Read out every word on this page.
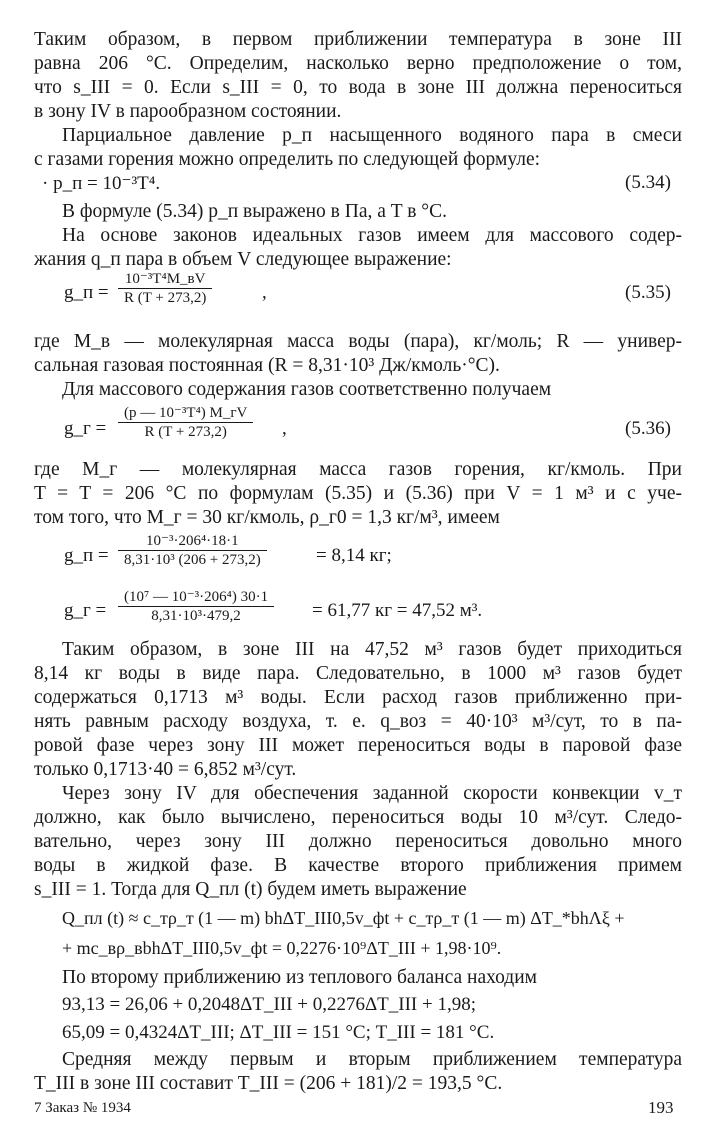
Таким образом, в первом приближении температура в зоне III
равна 206 °С. Определим, насколько верно предположение о том,
что s_III = 0. Если s_III = 0, то вода в зоне III должна переноситься
в зону IV в парообразном состоянии.
Парциальное давление p_п насыщенного водяного пара в смеси
с газами горения можно определить по следующей формуле:
· p_п = 10⁻³T⁴.	(5.34)
В формуле (5.34) p_п выражено в Па, а T в °С.
На основе законов идеальных газов имеем для массового содер-
жания q_п пара в объем V следующее выражение:
g_п =
10⁻³T⁴M_вV
R (T + 273,2)	,	(5.35)
где M_в — молекулярная масса воды (пара), кг/моль; R — универ-
сальная газовая постоянная (R = 8,31·10³ Дж/кмоль·°С).
Для массового содержания газов соответственно получаем
g_г =
(p — 10⁻³T⁴) M_гV
R (T + 273,2)	,	(5.36)
где M_г — молекулярная масса газов горения, кг/кмоль. При
T = T = 206 °С по формулам (5.35) и (5.36) при V = 1 м³ и с уче-
том того, что M_г = 30 кг/кмоль, ρ_г0 = 1,3 кг/м³, имеем
g_п =
10⁻³·206⁴·18·1
8,31·10³ (206 + 273,2)	= 8,14 кг;
g_г =
(10⁷ — 10⁻³·206⁴) 30·1
8,31·10³·479,2	= 61,77 кг = 47,52 м³.
Таким образом, в зоне III на 47,52 м³ газов будет приходиться
8,14 кг воды в виде пара. Следовательно, в 1000 м³ газов будет
содержаться 0,1713 м³ воды. Если расход газов приближенно при-
нять равным расходу воздуха, т. е. q_воз = 40·10³ м³/сут, то в па-
ровой фазе через зону III может переноситься воды в паровой фазе
только 0,1713·40 = 6,852 м³/сут.
Через зону IV для обеспечения заданной скорости конвекции v_т
должно, как было вычислено, переноситься воды 10 м³/сут. Следо-
вательно, через зону III должно переноситься довольно много
воды в жидкой фазе. В качестве второго приближения примем
s_III = 1. Тогда для Q_пл (t) будем иметь выражение
Q_пл (t) ≈ c_тρ_т (1 — m) bhΔT_III0,5v_фt + c_тρ_т (1 — m) ΔT_*bhΛξ +
+ mc_вρ_вbhΔT_III0,5v_фt = 0,2276·10⁹ΔT_III + 1,98·10⁹.
По второму приближению из теплового баланса находим
93,13 = 26,06 + 0,2048ΔT_III + 0,2276ΔT_III + 1,98;
65,09 = 0,4324ΔT_III; ΔT_III = 151 °С; T_III = 181 °С.
Средняя между первым и вторым приближением температура
7 Заказ № 1934	193
T_III в зоне III составит T_III = (206 + 181)/2 = 193,5 °С.
